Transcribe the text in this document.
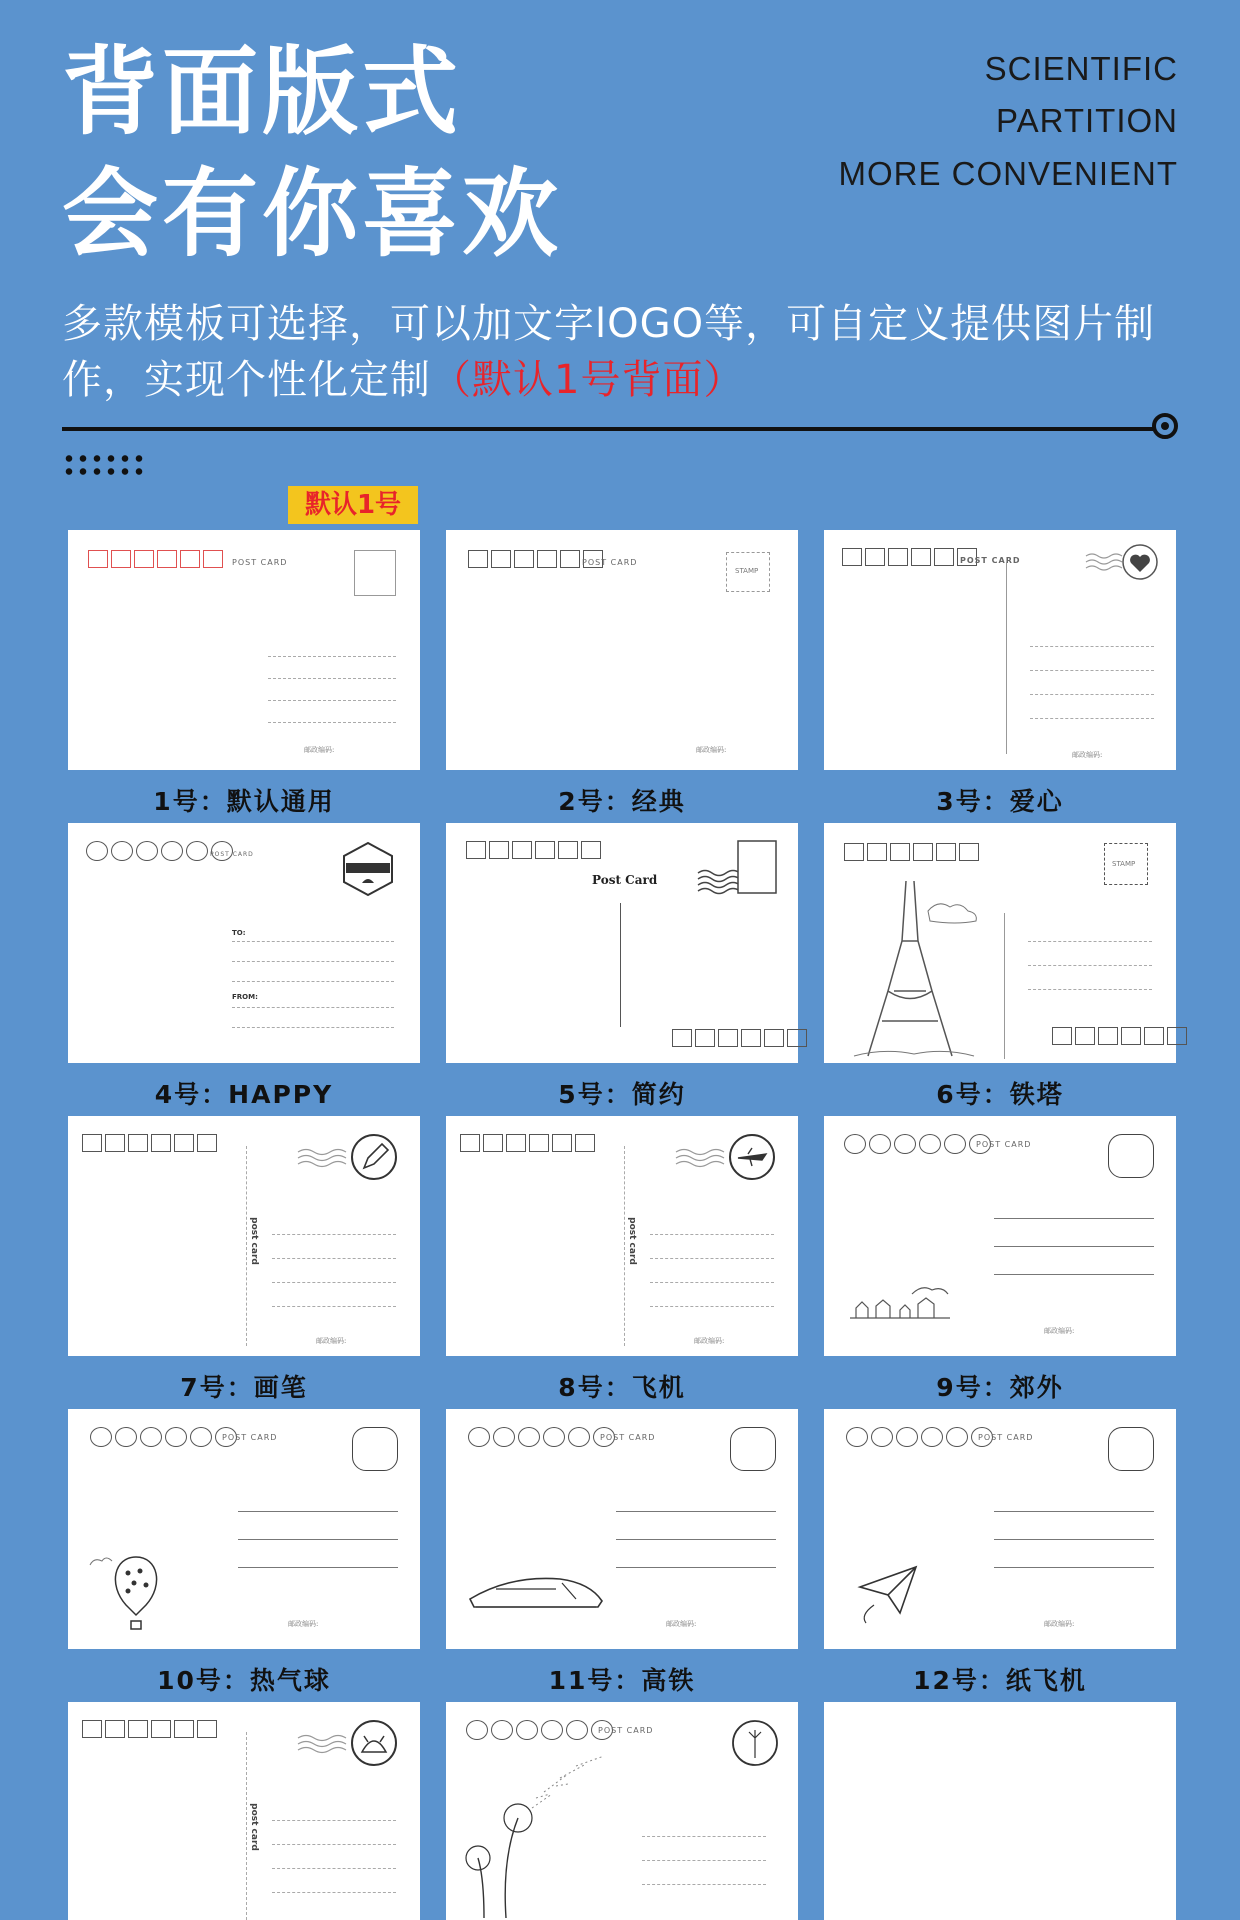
背面版式
会有你喜欢
SCIENTIFIC
PARTITION
MORE CONVENIENT
多款模板可选择，可以加文字lOGO等，可自定义提供图片制作，实现个性化定制（默认1号背面）
默认1号
POST CARD
邮政编码:
1号：默认通用
POST CARD
STAMP
邮政编码:
2号：经典
POST CARD
邮政编码:
3号：爱心
POST CARD
TO:
FROM:
4号：HAPPY
Post Card
5号：简约
STAMP
6号：铁塔
post card
邮政编码:
7号：画笔
post card
邮政编码:
8号：飞机
POST CARD
邮政编码:
9号：郊外
POST CARD
邮政编码:
10号：热气球
POST CARD
邮政编码:
11号：高铁
POST CARD
邮政编码:
12号：纸飞机
post card
POST CARD
